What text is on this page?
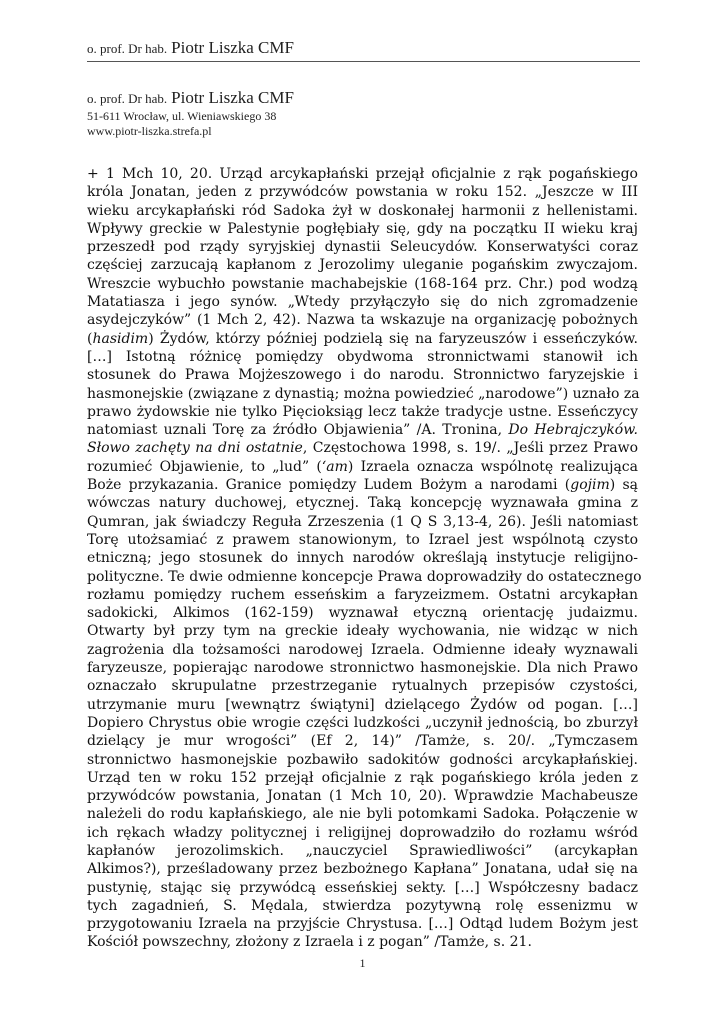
o. prof. Dr hab. Piotr Liszka CMF
o. prof. Dr hab. Piotr Liszka CMF
51-611 Wrocław, ul. Wieniawskiego 38
www.piotr-liszka.strefa.pl
+ 1 Mch 10, 20. Urząd arcykapłański przejął oficjalnie z rąk pogańskiego
króla Jonatan, jeden z przywódców powstania w roku 152. „Jeszcze w III
wieku arcykapłański ród Sadoka żył w doskonałej harmonii z hellenistami.
Wpływy greckie w Palestynie pogłębiały się, gdy na początku II wieku kraj
przeszedł pod rządy syryjskiej dynastii Seleucydów. Konserwatyści coraz
częściej zarzucają kapłanom z Jerozolimy uleganie pogańskim zwyczajom.
Wreszcie wybuchło powstanie machabejskie (168-164 prz. Chr.) pod wodzą
Matatiasza i jego synów. „Wtedy przyłączyło się do nich zgromadzenie
asydejczyków” (1 Mch 2, 42). Nazwa ta wskazuje na organizację pobożnych
(hasidim) Żydów, którzy później podzielą się na faryzeuszów i esseńczyków.
[…] Istotną różnicę pomiędzy obydwoma stronnictwami stanowił ich
stosunek do Prawa Mojżeszowego i do narodu. Stronnictwo faryzejskie i
hasmonejskie (związane z dynastią; można powiedzieć „narodowe”) uznało za
prawo żydowskie nie tylko Pięcioksiąg lecz także tradycje ustne. Esseńczycy
natomiast uznali Torę za źródło Objawienia” /A. Tronina, Do Hebrajczyków.
Słowo zachęty na dni ostatnie, Częstochowa 1998, s. 19/. „Jeśli przez Prawo
rozumieć Objawienie, to „lud” (‘am) Izraela oznacza wspólnotę realizująca
Boże przykazania. Granice pomiędzy Ludem Bożym a narodami (gojim) są
wówczas natury duchowej, etycznej. Taką koncepcję wyznawała gmina z
Qumran, jak świadczy Reguła Zrzeszenia (1 Q S 3,13-4, 26). Jeśli natomiast
Torę utożsamiać z prawem stanowionym, to Izrael jest wspólnotą czysto
etniczną; jego stosunek do innych narodów określają instytucje religijno-
polityczne. Te dwie odmienne koncepcje Prawa doprowadziły do ostatecznego
rozłamu pomiędzy ruchem esseńskim a faryzeizmem. Ostatni arcykapłan
sadokicki, Alkimos (162-159) wyznawał etyczną orientację judaizmu.
Otwarty był przy tym na greckie ideały wychowania, nie widząc w nich
zagrożenia dla tożsamości narodowej Izraela. Odmienne ideały wyznawali
faryzeusze, popierając narodowe stronnictwo hasmonejskie. Dla nich Prawo
oznaczało skrupulatne przestrzeganie rytualnych przepisów czystości,
utrzymanie muru [wewnątrz świątyni] dzielącego Żydów od pogan. […]
Dopiero Chrystus obie wrogie części ludzkości „uczynił jednością, bo zburzył
dzielący je mur wrogości” (Ef 2, 14)” /Tamże, s. 20/. „Tymczasem
stronnictwo hasmonejskie pozbawiło sadokitów godności arcykapłańskiej.
Urząd ten w roku 152 przejął oficjalnie z rąk pogańskiego króla jeden z
przywódców powstania, Jonatan (1 Mch 10, 20). Wprawdzie Machabeusze
należeli do rodu kapłańskiego, ale nie byli potomkami Sadoka. Połączenie w
ich rękach władzy politycznej i religijnej doprowadziło do rozłamu wśród
kapłanów jerozolimskich. „nauczyciel Sprawiedliwości” (arcykapłan
Alkimos?), prześladowany przez bezbożnego Kapłana” Jonatana, udał się na
pustynię, stając się przywódcą esseńskiej sekty. […] Współczesny badacz
tych zagadnień, S. Mędala, stwierdza pozytywną rolę essenizmu w
przygotowaniu Izraela na przyjście Chrystusa. […] Odtąd ludem Bożym jest
Kościół powszechny, złożony z Izraela i z pogan” /Tamże, s. 21.
1
